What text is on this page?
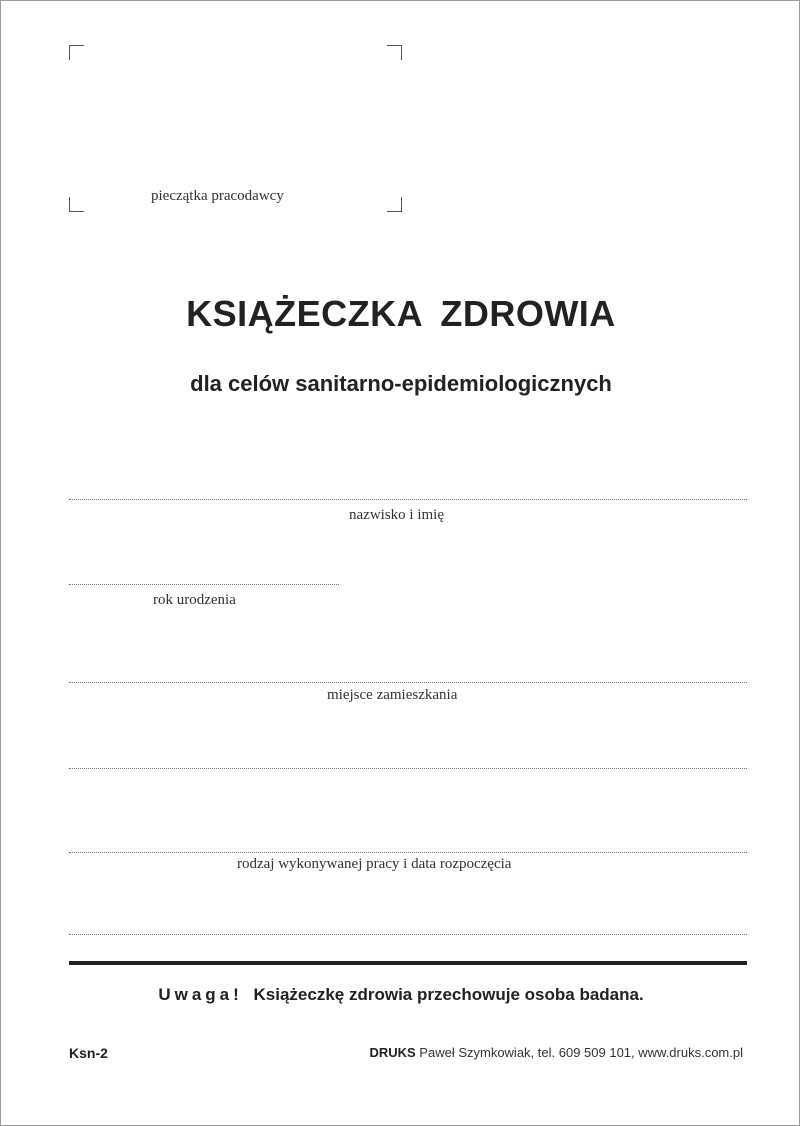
pieczątka pracodawcy
KSIĄŻECZKA ZDROWIA
dla celów sanitarno-epidemiologicznych
nazwisko i imię
rok urodzenia
miejsce zamieszkania
rodzaj wykonywanej pracy i data rozpoczęcia
Uwaga! Książeczkę zdrowia przechowuje osoba badana.
Ksn-2	DRUKS Paweł Szymkowiak, tel. 609 509 101, www.druks.com.pl
